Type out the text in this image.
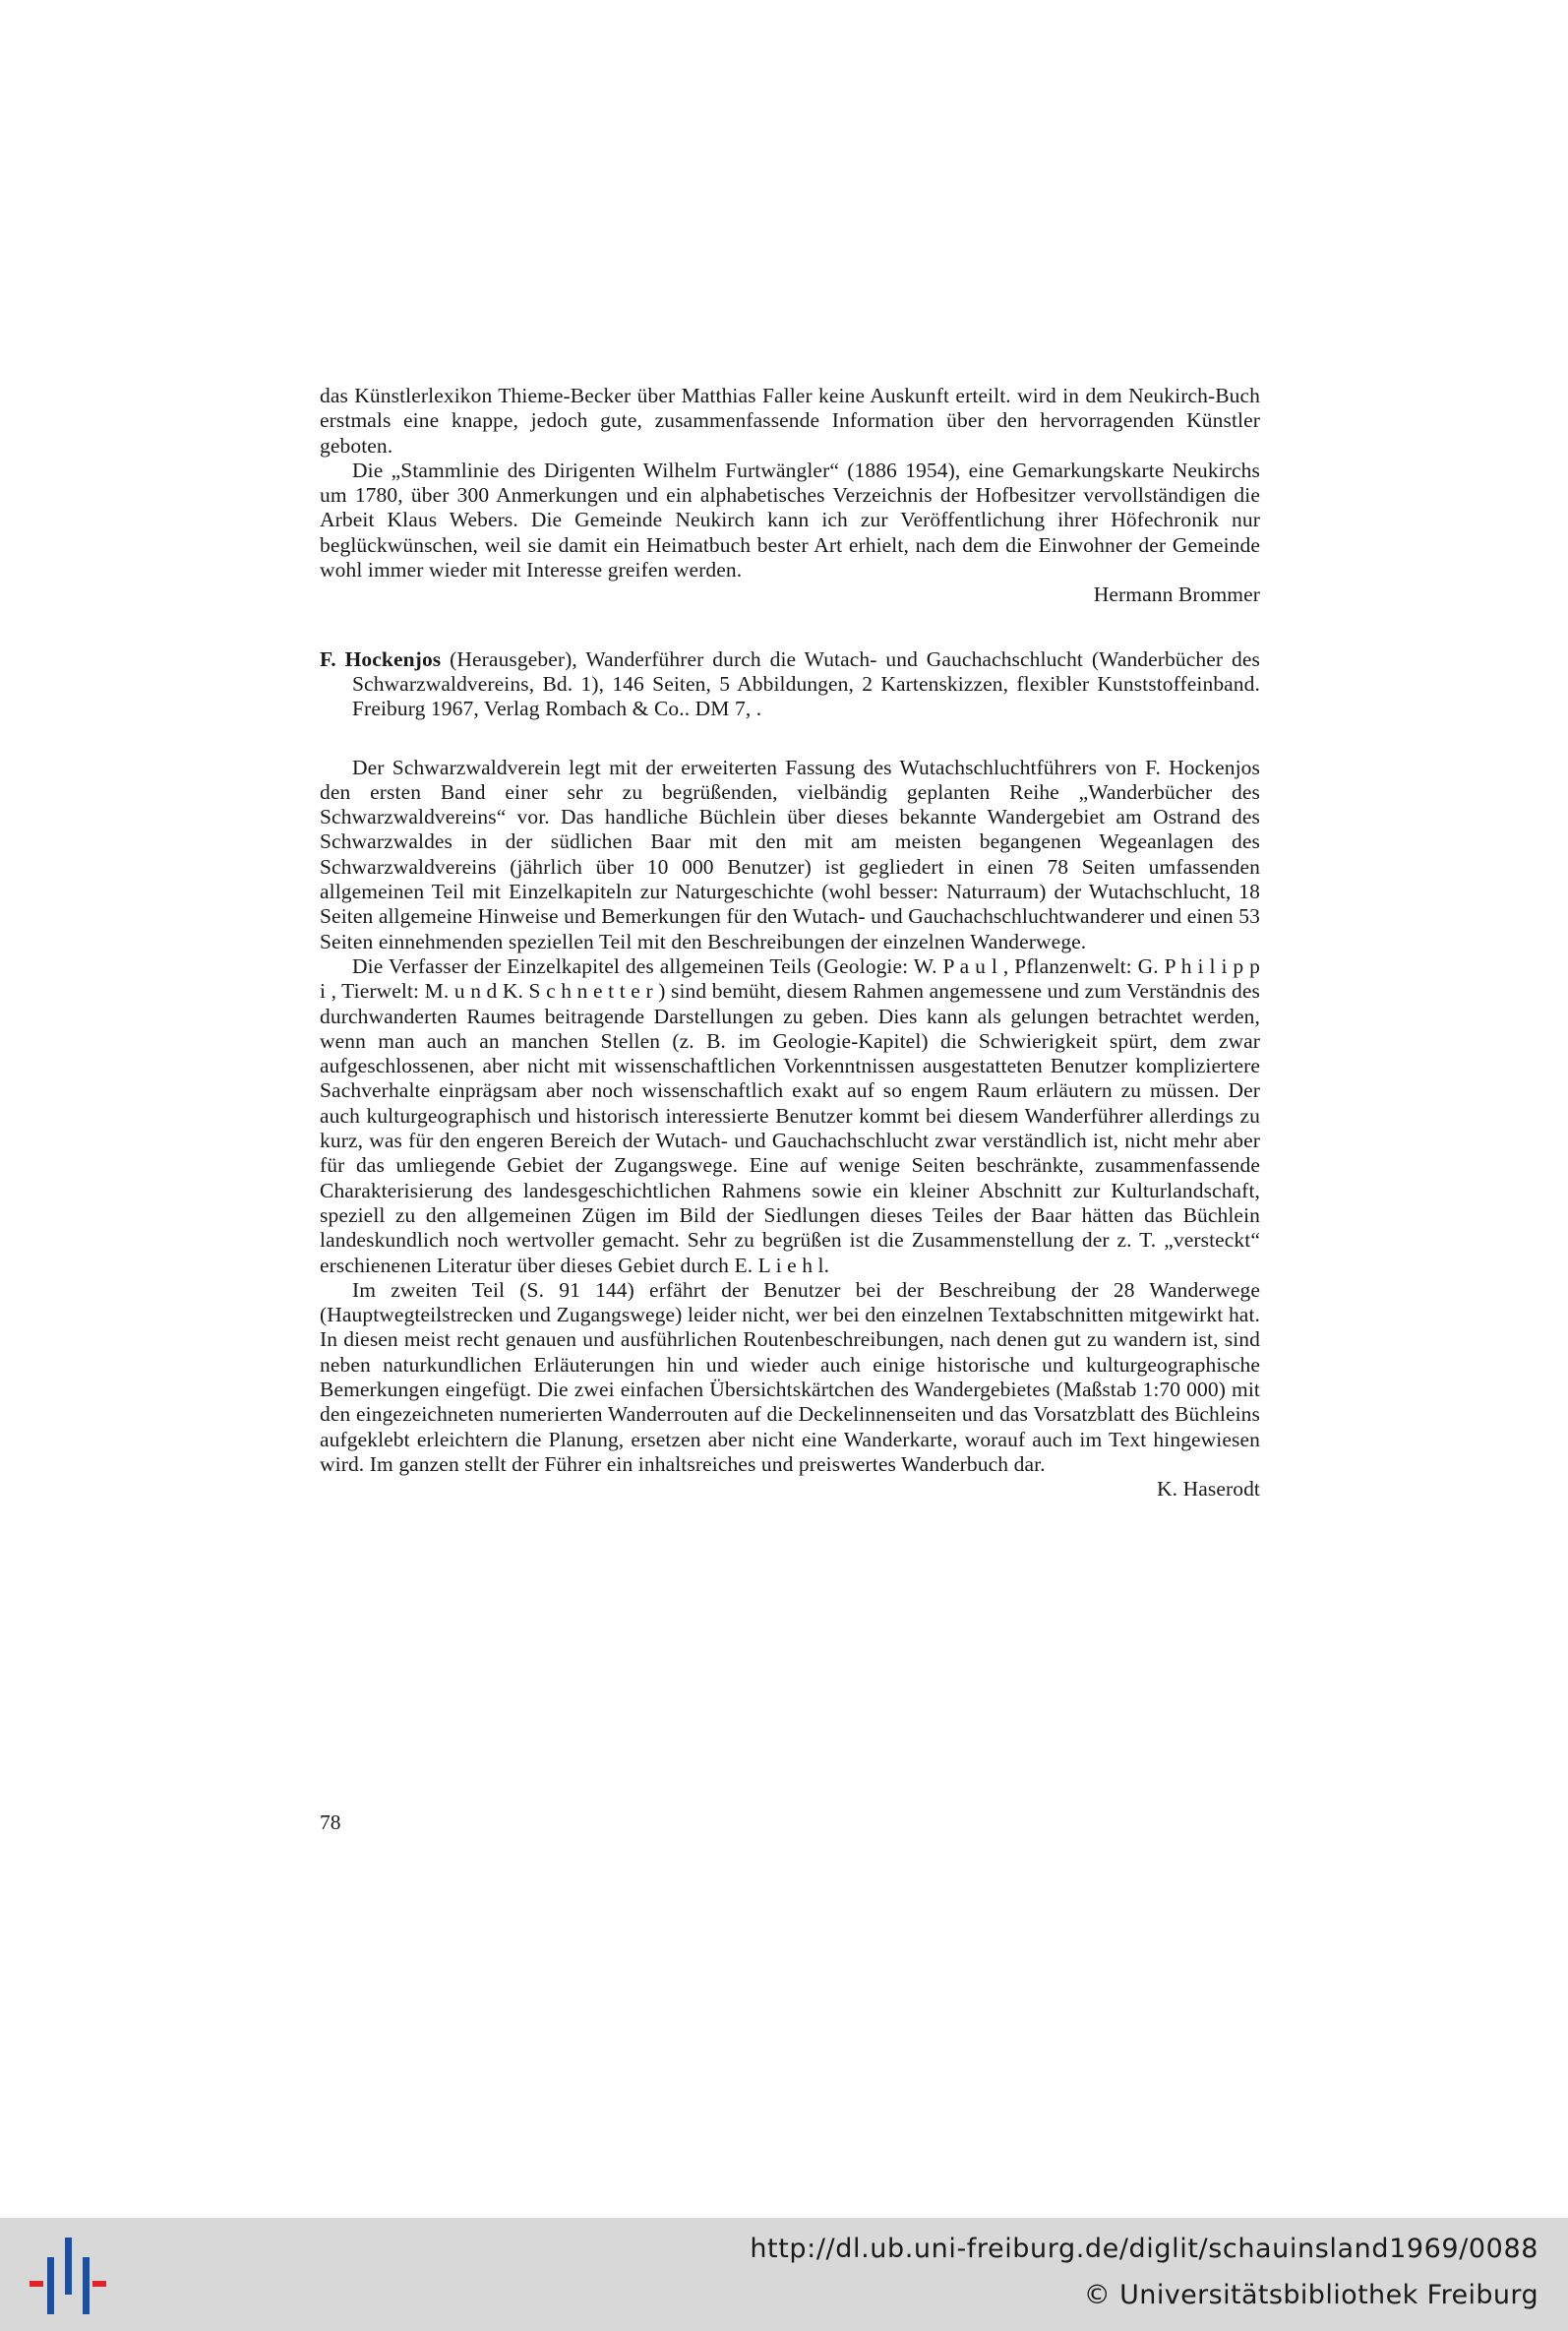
das Künstlerlexikon Thieme-Becker über Matthias Faller keine Auskunft erteilt. wird in dem Neukirch-Buch erstmals eine knappe, jedoch gute, zusammenfassende Information über den hervorragenden Künstler geboten.

Die „Stammlinie des Dirigenten Wilhelm Furtwängler“ (1886 1954), eine Gemarkungskarte Neukirchs um 1780, über 300 Anmerkungen und ein alphabetisches Verzeichnis der Hofbesitzer vervollständigen die Arbeit Klaus Webers. Die Gemeinde Neukirch kann ich zur Veröffentlichung ihrer Höfechronik nur beglückwünschen, weil sie damit ein Heimatbuch bester Art erhielt, nach dem die Einwohner der Gemeinde wohl immer wieder mit Interesse greifen werden.

Hermann Brommer

F. Hockenjos (Herausgeber), Wanderführer durch die Wutach- und Gauchachschlucht (Wanderbücher des Schwarzwaldvereins, Bd. 1), 146 Seiten, 5 Abbildungen, 2 Kartenskizzen, flexibler Kunststoffeinband. Freiburg 1967, Verlag Rombach & Co.. DM 7, .

Der Schwarzwaldverein legt mit der erweiterten Fassung des Wutachschluchtführers von F. Hockenjos den ersten Band einer sehr zu begrüßenden, vielbändig geplanten Reihe „Wanderbücher des Schwarzwaldvereins“ vor. Das handliche Büchlein über dieses bekannte Wandergebiet am Ostrand des Schwarzwaldes in der südlichen Baar mit den mit am meisten begangenen Wegeanlagen des Schwarzwaldvereins (jährlich über 10 000 Benutzer) ist gegliedert in einen 78 Seiten umfassenden allgemeinen Teil mit Einzelkapiteln zur Naturgeschichte (wohl besser: Naturraum) der Wutachschlucht, 18 Seiten allgemeine Hinweise und Bemerkungen für den Wutach- und Gauchachschluchtwanderer und einen 53 Seiten einnehmenden speziellen Teil mit den Beschreibungen der einzelnen Wanderwege.

Die Verfasser der Einzelkapitel des allgemeinen Teils (Geologie: W. P a u l , Pflanzenwelt: G. P h i l i p p i , Tierwelt: M. u n d K. S c h n e t t e r ) sind bemüht, diesem Rahmen angemessene und zum Verständnis des durchwanderten Raumes beitragende Darstellungen zu geben. Dies kann als gelungen betrachtet werden, wenn man auch an manchen Stellen (z. B. im Geologie-Kapitel) die Schwierigkeit spürt, dem zwar aufgeschlossenen, aber nicht mit wissenschaftlichen Vorkenntnissen ausgestatteten Benutzer kompliziertere Sachverhalte einprägsam aber noch wissenschaftlich exakt auf so engem Raum erläutern zu müssen. Der auch kulturgeographisch und historisch interessierte Benutzer kommt bei diesem Wanderführer allerdings zu kurz, was für den engeren Bereich der Wutach- und Gauchachschlucht zwar verständlich ist, nicht mehr aber für das umliegende Gebiet der Zugangswege. Eine auf wenige Seiten beschränkte, zusammenfassende Charakterisierung des landesgeschichtlichen Rahmens sowie ein kleiner Abschnitt zur Kulturlandschaft, speziell zu den allgemeinen Zügen im Bild der Siedlungen dieses Teiles der Baar hätten das Büchlein landeskundlich noch wertvoller gemacht. Sehr zu begrüßen ist die Zusammenstellung der z. T. „versteckt“ erschienenen Literatur über dieses Gebiet durch E. L i e h l.

Im zweiten Teil (S. 91 144) erfährt der Benutzer bei der Beschreibung der 28 Wanderwege (Hauptwegteilstrecken und Zugangswege) leider nicht, wer bei den einzelnen Textabschnitten mitgewirkt hat. In diesen meist recht genauen und ausführlichen Routenbeschreibungen, nach denen gut zu wandern ist, sind neben naturkundlichen Erläuterungen hin und wieder auch einige historische und kulturgeographische Bemerkungen eingefügt. Die zwei einfachen Übersichtskärtchen des Wandergebietes (Maßstab 1:70 000) mit den eingezeichneten numerierten Wanderrouten auf die Deckelinnenseiten und das Vorsatzblatt des Büchleins aufgeklebt erleichtern die Planung, ersetzen aber nicht eine Wanderkarte, worauf auch im Text hingewiesen wird. Im ganzen stellt der Führer ein inhaltsreiches und preiswertes Wanderbuch dar.

K. Haserodt

78
http://dl.ub.uni-freiburg.de/diglit/schauinsland1969/0088
© Universitätsbibliothek Freiburg
